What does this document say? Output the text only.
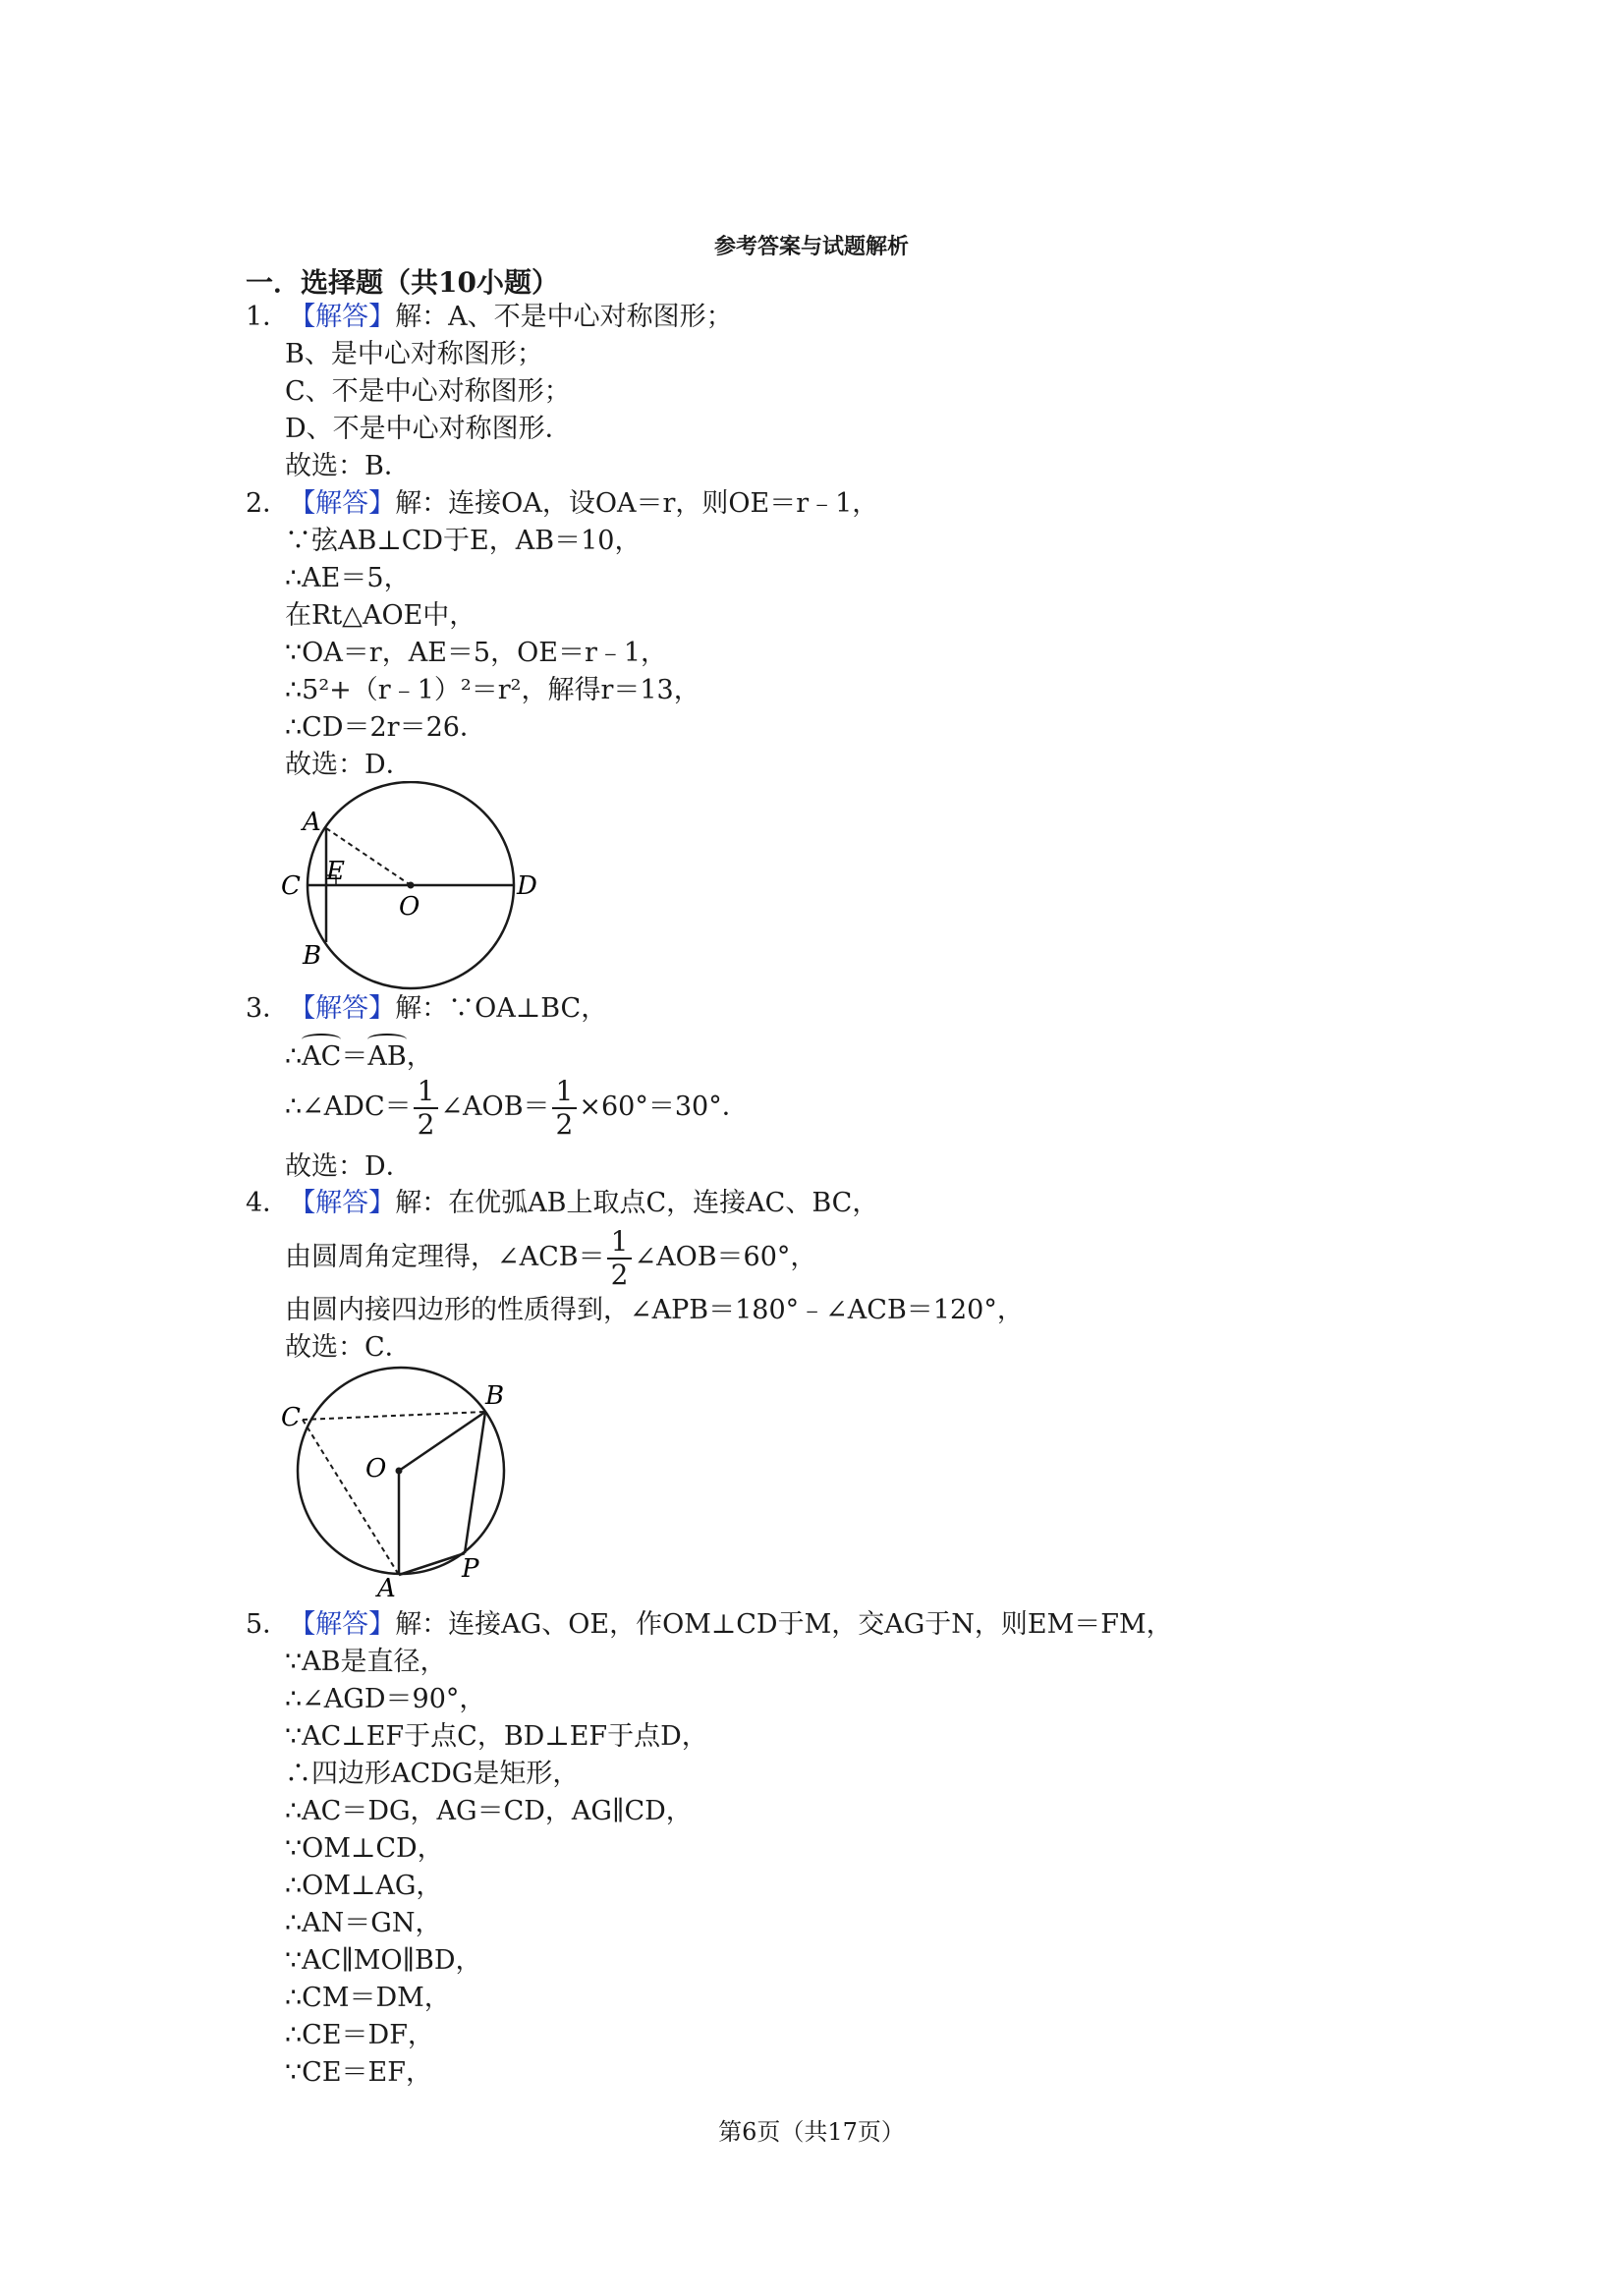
参考答案与试题解析
一．选择题（共10小题）
1．【解答】解：A、不是中心对称图形；
B、是中心对称图形；
C、不是中心对称图形；
D、不是中心对称图形．
故选：B．
2．【解答】解：连接OA，设OA＝r，则OE＝r﹣1，
∵弦AB⊥CD于E，AB＝10，
∴AE＝5，
在Rt△AOE中，
∵OA＝r，AE＝5，OE＝r﹣1，
∴5²+（r﹣1）²＝r²，解得r＝13，
∴CD＝2r＝26．
故选：D．
A
E
C
O
D
B
3．【解答】解：∵OA⊥BC，
∴AC＝AB，
∴∠ADC＝ $\frac{1}{2}$ ∠AOB＝ $\frac{1}{2} \times 60^\circ=30^\circ$．
故选：D．
4．【解答】解：在优弧AB上取点C，连接AC、BC，
由圆周角定理得，∠ACB＝ $\frac{1}{2}$ ∠AOB＝60°，
由圆内接四边形的性质得到，∠APB＝180°﹣∠ACB＝120°，
故选：C．
C
B
O
P
A
5．【解答】解：连接AG、OE，作OM⊥CD于M，交AG于N，则EM＝FM，
∵AB是直径，
∴∠AGD＝90°，
∵AC⊥EF于点C，BD⊥EF于点D，
∴四边形ACDG是矩形，
∴AC＝DG，AG＝CD，AG∥CD，
∵OM⊥CD，
∴OM⊥AG，
∴AN＝GN，
∵AC∥MO∥BD，
∴CM＝DM，
∴CE＝DF，
∵CE＝EF，
第6页（共17页）
